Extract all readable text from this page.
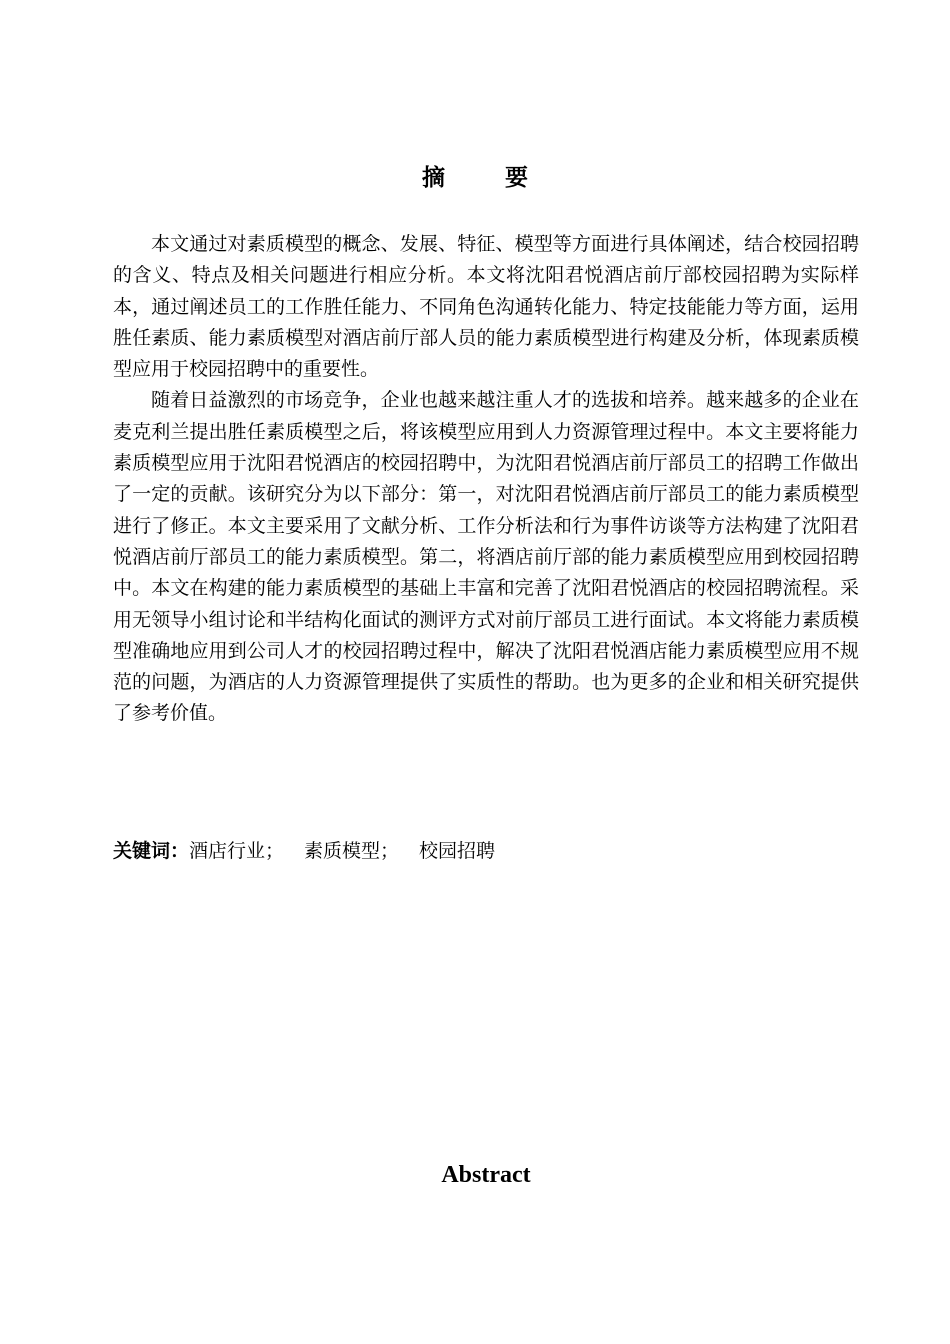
摘 要

本文通过对素质模型的概念、发展、特征、模型等方面进行具体阐述，结合校园招聘的含义、特点及相关问题进行相应分析。本文将沈阳君悦酒店前厅部校园招聘为实际样本，通过阐述员工的工作胜任能力、不同角色沟通转化能力、特定技能能力等方面，运用胜任素质、能力素质模型对酒店前厅部人员的能力素质模型进行构建及分析，体现素质模型应用于校园招聘中的重要性。

随着日益激烈的市场竞争，企业也越来越注重人才的选拔和培养。越来越多的企业在麦克利兰提出胜任素质模型之后，将该模型应用到人力资源管理过程中。本文主要将能力素质模型应用于沈阳君悦酒店的校园招聘中，为沈阳君悦酒店前厅部员工的招聘工作做出了一定的贡献。该研究分为以下部分：第一，对沈阳君悦酒店前厅部员工的能力素质模型进行了修正。本文主要采用了文献分析、工作分析法和行为事件访谈等方法构建了沈阳君悦酒店前厅部员工的能力素质模型。第二，将酒店前厅部的能力素质模型应用到校园招聘中。本文在构建的能力素质模型的基础上丰富和完善了沈阳君悦酒店的校园招聘流程。采用无领导小组讨论和半结构化面试的测评方式对前厅部员工进行面试。本文将能力素质模型准确地应用到公司人才的校园招聘过程中，解决了沈阳君悦酒店能力素质模型应用不规范的问题，为酒店的人力资源管理提供了实质性的帮助。也为更多的企业和相关研究提供了参考价值。

关键词：酒店行业； 素质模型； 校园招聘
Abstract
